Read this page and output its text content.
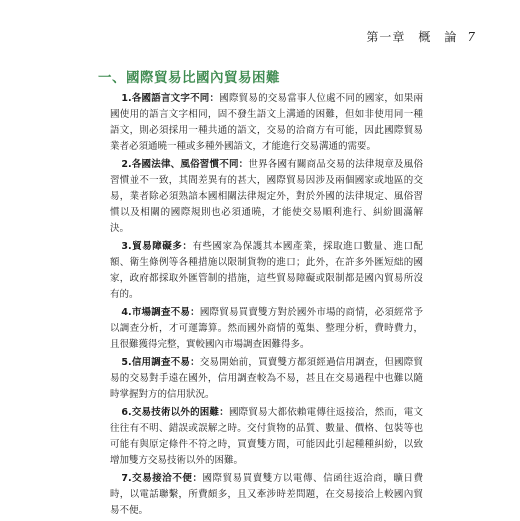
第一章　概　論 7
一、國際貿易比國內貿易困難

1.各國語言文字不同：國際貿易的交易當事人位處不同的國家，如果兩國使用的語言文字相同，固不發生語文上溝通的困難，但如非使用同一種語文，則必須採用一種共通的語文，交易的洽商方有可能，因此國際貿易業者必須通曉一種或多種外國語文，才能進行交易溝通的需要。

2.各國法律、風俗習慣不同：世界各國有關商品交易的法律規章及風俗習慣並不一致，其間差異有的甚大，國際貿易因涉及兩個國家或地區的交易，業者除必須熟諳本國相關法律規定外，對於外國的法律規定、風俗習慣以及相關的國際規則也必須通曉，才能使交易順利進行、糾紛圓滿解決。

3.貿易障礙多：有些國家為保護其本國產業，採取進口數量、進口配額、衛生條例等各種措施以限制貨物的進口；此外，在許多外匯短絀的國家，政府都採取外匯管制的措施，這些貿易障礙或限制都是國內貿易所沒有的。

4.市場調查不易：國際貿易買賣雙方對於國外市場的商情，必須經常予以調查分析，才可運籌算。然而國外商情的蒐集、整理分析，費時費力，且很難獲得完整，實較國內市場調查困難得多。

5.信用調查不易：交易開始前，買賣雙方都須經過信用調查，但國際貿易的交易對手遠在國外，信用調查較為不易，甚且在交易過程中也難以隨時掌握對方的信用狀況。

6.交易技術以外的困難：國際貿易大都依賴電傳往返接洽，然而，電文往往有不明、錯誤或誤解之時。交付貨物的品質、數量、價格、包裝等也可能有與原定條件不符之時，買賣雙方間，可能因此引起種種糾紛，以致增加雙方交易技術以外的困難。

7.交易接洽不便：國際貿易買賣雙方以電傳、信函往返洽商，曠日費時，以電話聯繫，所費頗多，且又牽涉時差問題，在交易接洽上較國內貿易不便。
